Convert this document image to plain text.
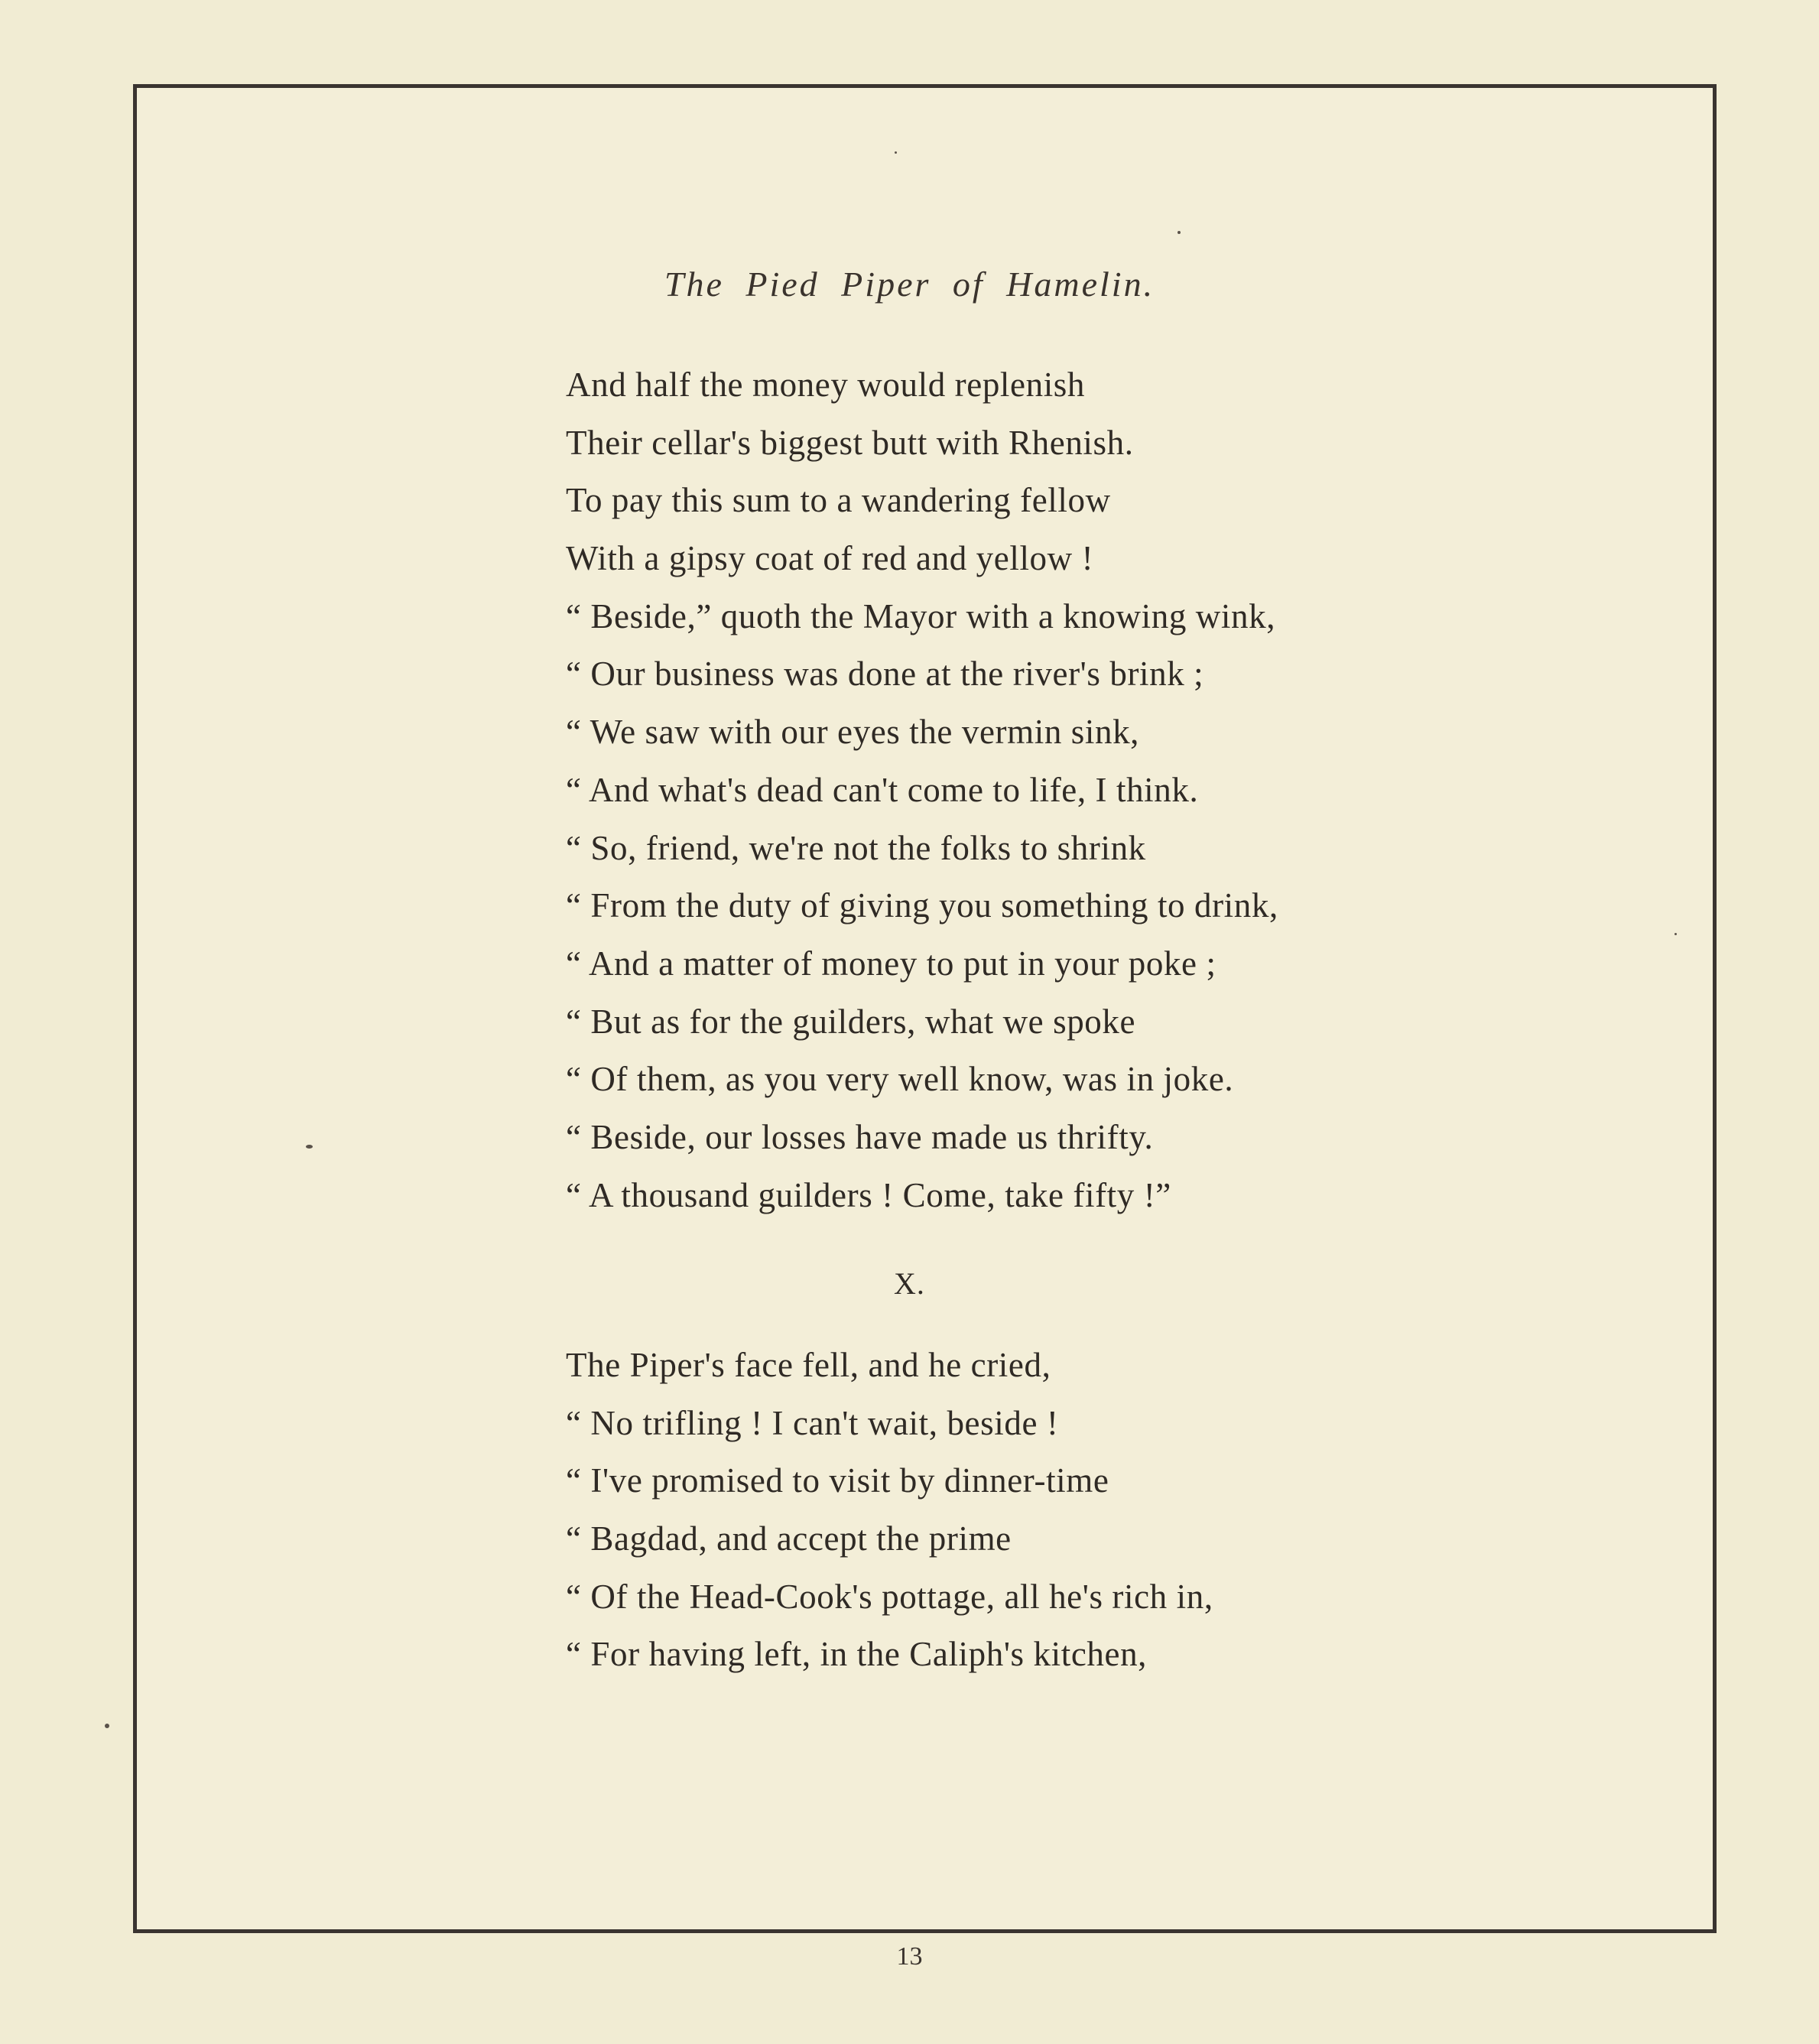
The Pied Piper of Hamelin.
And half the money would replenish
Their cellar's biggest butt with Rhenish.
To pay this sum to a wandering fellow
With a gipsy coat of red and yellow !
“ Beside,” quoth the Mayor with a knowing wink,
“ Our business was done at the river's brink ;
“ We saw with our eyes the vermin sink,
“ And what's dead can't come to life, I think.
“ So, friend, we're not the folks to shrink
“ From the duty of giving you something to drink,
“ And a matter of money to put in your poke ;
“ But as for the guilders, what we spoke
“ Of them, as you very well know, was in joke.
“ Beside, our losses have made us thrifty.
“ A thousand guilders ! Come, take fifty !”
X.
The Piper's face fell, and he cried,
“ No trifling ! I can't wait, beside !
“ I've promised to visit by dinner-time
“ Bagdad, and accept the prime
“ Of the Head-Cook's pottage, all he's rich in,
“ For having left, in the Caliph's kitchen,
13
